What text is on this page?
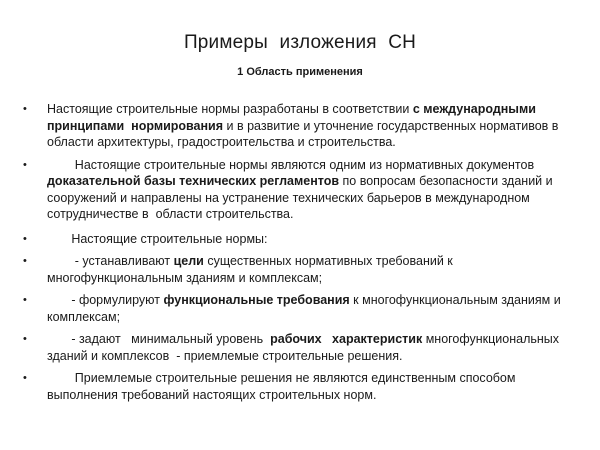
Примеры изложения СН
1 Область применения
• Настоящие строительные нормы разработаны в соответствии с международными принципами  нормирования и в развитие и уточнение государственных нормативов в области архитектуры, градостроительства и строительства.
• Настоящие строительные нормы являются одним из нормативных документов доказательной базы технических регламентов по вопросам безопасности зданий и сооружений и направлены на устранение технических барьеров в международном сотрудничестве в  области строительства.
• Настоящие строительные нормы:
• - устанавливают цели существенных нормативных требований к многофункциональным зданиям и комплексам;
• - формулируют функциональные требования к многофункциональным зданиям и комплексам;
• - задают   минимальный уровень  рабочих   характеристик многофункциональных зданий и комплексов  - приемлемые строительные решения.
• Приемлемые строительные решения не являются единственным способом выполнения требований настоящих строительных норм.
